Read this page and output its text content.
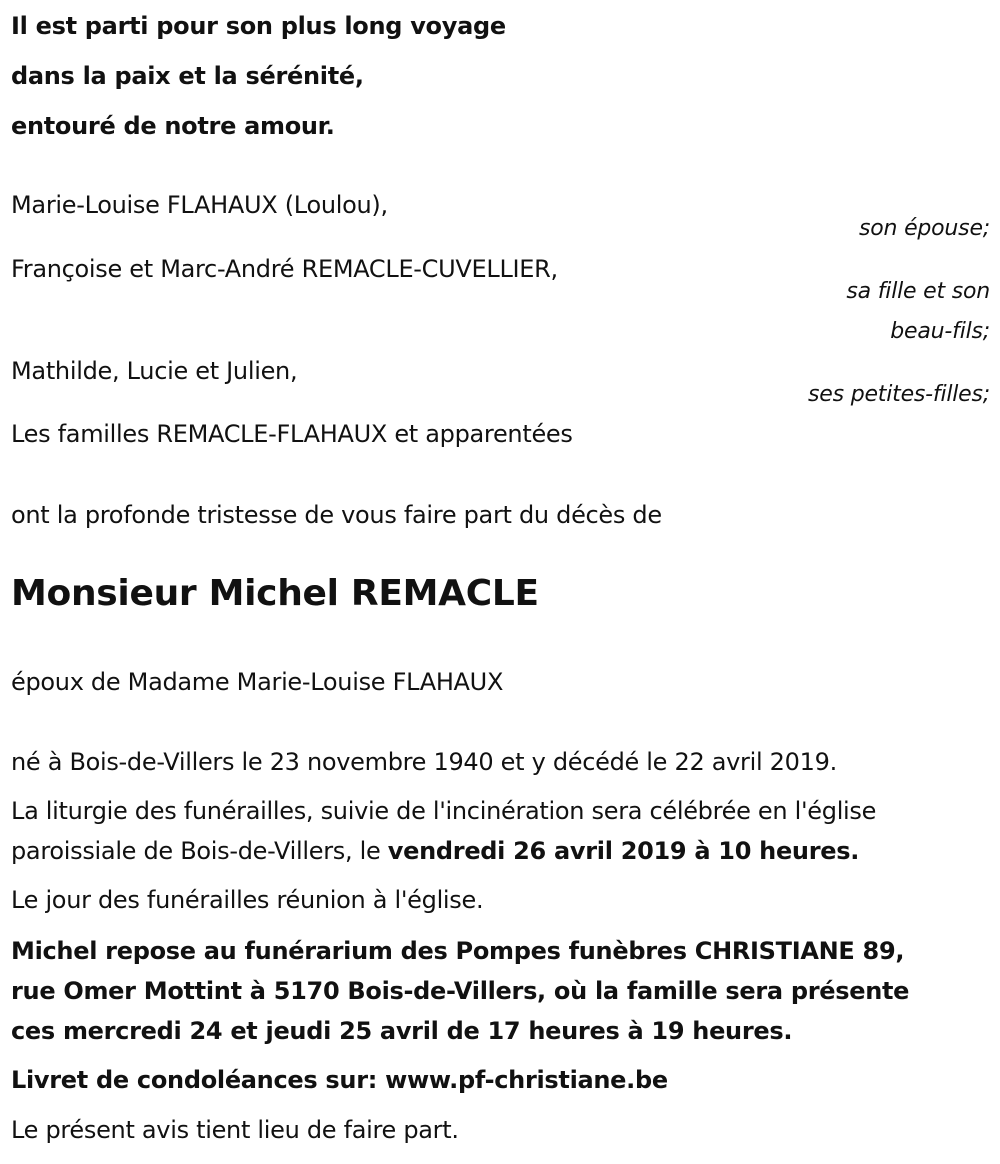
Il est parti pour son plus long voyage
dans la paix et la sérénité,
entouré de notre amour.
Marie-Louise FLAHAUX (Loulou),
son épouse;
Françoise et Marc-André REMACLE-CUVELLIER,
sa fille et son
beau-fils;
Mathilde, Lucie et Julien,
ses petites-filles;
Les familles REMACLE-FLAHAUX et apparentées
ont la profonde tristesse de vous faire part du décès de
Monsieur Michel REMACLE
époux de Madame Marie-Louise FLAHAUX
né à Bois-de-Villers le 23 novembre 1940 et y décédé le 22 avril 2019.
La liturgie des funérailles, suivie de l'incinération sera célébrée en l'église
paroissiale de Bois-de-Villers, le vendredi 26 avril 2019 à 10 heures.
Le jour des funérailles réunion à l'église.
Michel repose au funérarium des Pompes funèbres CHRISTIANE 89,
rue Omer Mottint à 5170 Bois-de-Villers, où la famille sera présente
ces mercredi 24 et jeudi 25 avril de 17 heures à 19 heures.
Livret de condoléances sur: www.pf-christiane.be
Le présent avis tient lieu de faire part.
